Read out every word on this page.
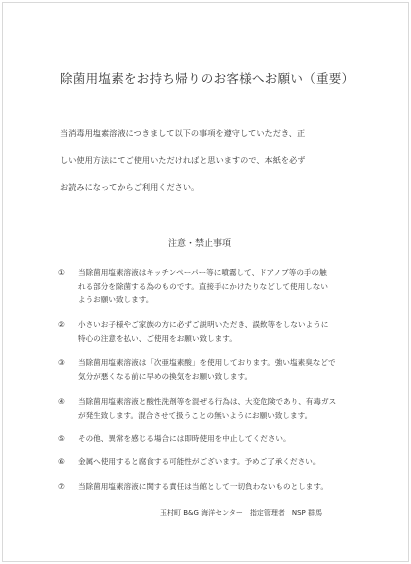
除菌用塩素をお持ち帰りのお客様へお願い（重要）
当消毒用塩素溶液につきまして以下の事項を遵守していただき、正
しい使用方法にてご使用いただければと思いますので、本紙を必ず
お読みになってからご利用ください。
注意・禁止事項
①	当除菌用塩素溶液はキッチンペーパー等に噴霧して、ドアノブ等の手の触
れる部分を除菌する為のものです。直接手にかけたりなどして使用しない
ようお願い致します。
②	小さいお子様やご家族の方に必ずご説明いただき、誤飲等をしないように
特心の注意を払い、ご使用をお願い致します。
③	当除菌用塩素溶液は「次亜塩素酸」を使用しております。強い塩素臭などで
気分が悪くなる前に早めの換気をお願い致します。
④	当除菌用塩素溶液と酸性洗剤等を混ぜる行為は、大変危険であり、有毒ガス
が発生致します。混合させて扱うことの無いようにお願い致します。
⑤	その他、異常を感じる場合には即時使用を中止してください。
⑥	金属へ使用すると腐食する可能性がございます。予めご了承ください。
⑦	当除菌用塩素溶液に関する責任は当館として一切負わないものとします。
玉村町 B&G 海洋センター　指定管理者　NSP 群馬
